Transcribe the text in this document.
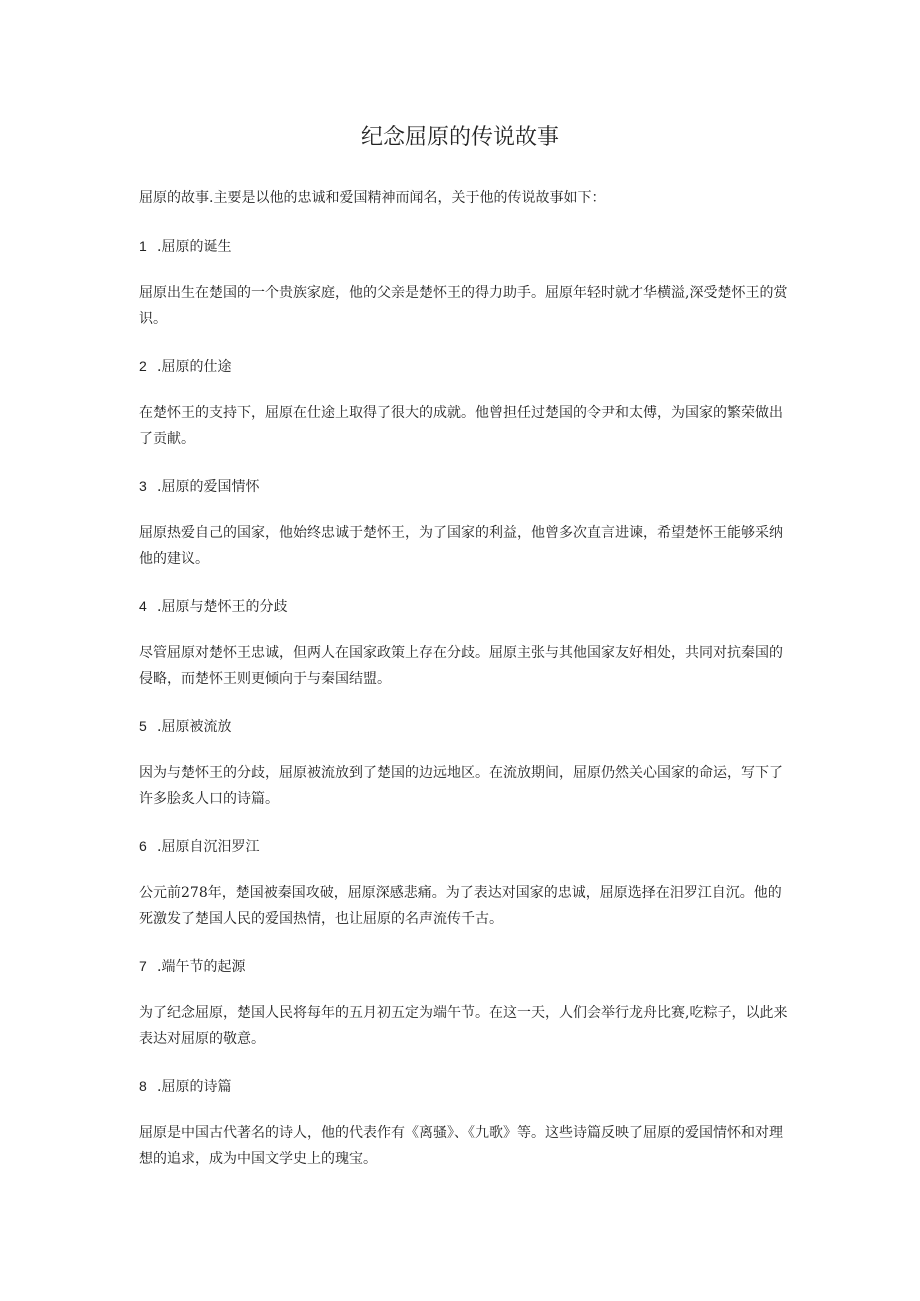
纪念屈原的传说故事

屈原的故事.主要是以他的忠诚和爱国精神而闻名，关于他的传说故事如下：

1 .屈原的诞生

屈原出生在楚国的一个贵族家庭，他的父亲是楚怀王的得力助手。屈原年轻时就才华横溢,深受楚怀王的赏识。

2 .屈原的仕途

在楚怀王的支持下，屈原在仕途上取得了很大的成就。他曾担任过楚国的令尹和太傅，为国家的繁荣做出了贡献。

3 .屈原的爱国情怀

屈原热爱自己的国家，他始终忠诚于楚怀王，为了国家的利益，他曾多次直言进谏，希望楚怀王能够采纳他的建议。

4 .屈原与楚怀王的分歧

尽管屈原对楚怀王忠诚，但两人在国家政策上存在分歧。屈原主张与其他国家友好相处，共同对抗秦国的侵略，而楚怀王则更倾向于与秦国结盟。

5 .屈原被流放

因为与楚怀王的分歧，屈原被流放到了楚国的边远地区。在流放期间，屈原仍然关心国家的命运，写下了许多脍炙人口的诗篇。

6 .屈原自沉汨罗江

公元前278年，楚国被秦国攻破，屈原深感悲痛。为了表达对国家的忠诚，屈原选择在汨罗江自沉。他的死激发了楚国人民的爱国热情，也让屈原的名声流传千古。

7 .端午节的起源

为了纪念屈原，楚国人民将每年的五月初五定为端午节。在这一天，人们会举行龙舟比赛,吃粽子，以此来表达对屈原的敬意。

8 .屈原的诗篇

屈原是中国古代著名的诗人，他的代表作有《离骚》、《九歌》等。这些诗篇反映了屈原的爱国情怀和对理想的追求，成为中国文学史上的瑰宝。
